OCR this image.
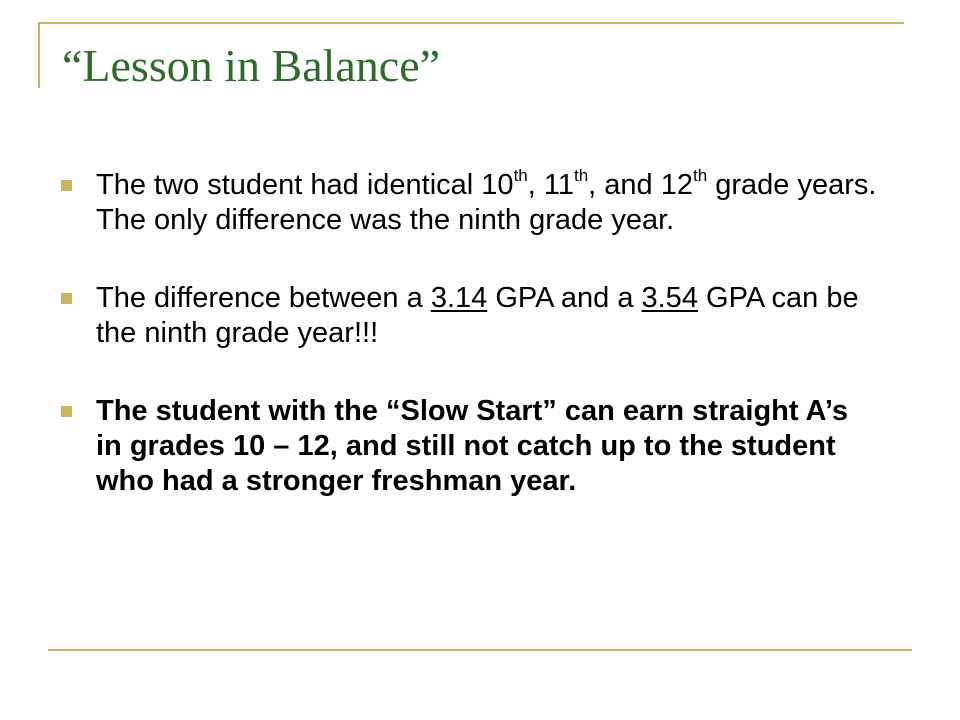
“Lesson in Balance”
The two student had identical 10th, 11th, and 12th grade years. The only difference was the ninth grade year.
The difference between a 3.14 GPA and a 3.54 GPA can be the ninth grade year!!!
The student with the “Slow Start” can earn straight A’s in grades 10 – 12, and still not catch up to the student who had a stronger freshman year.
